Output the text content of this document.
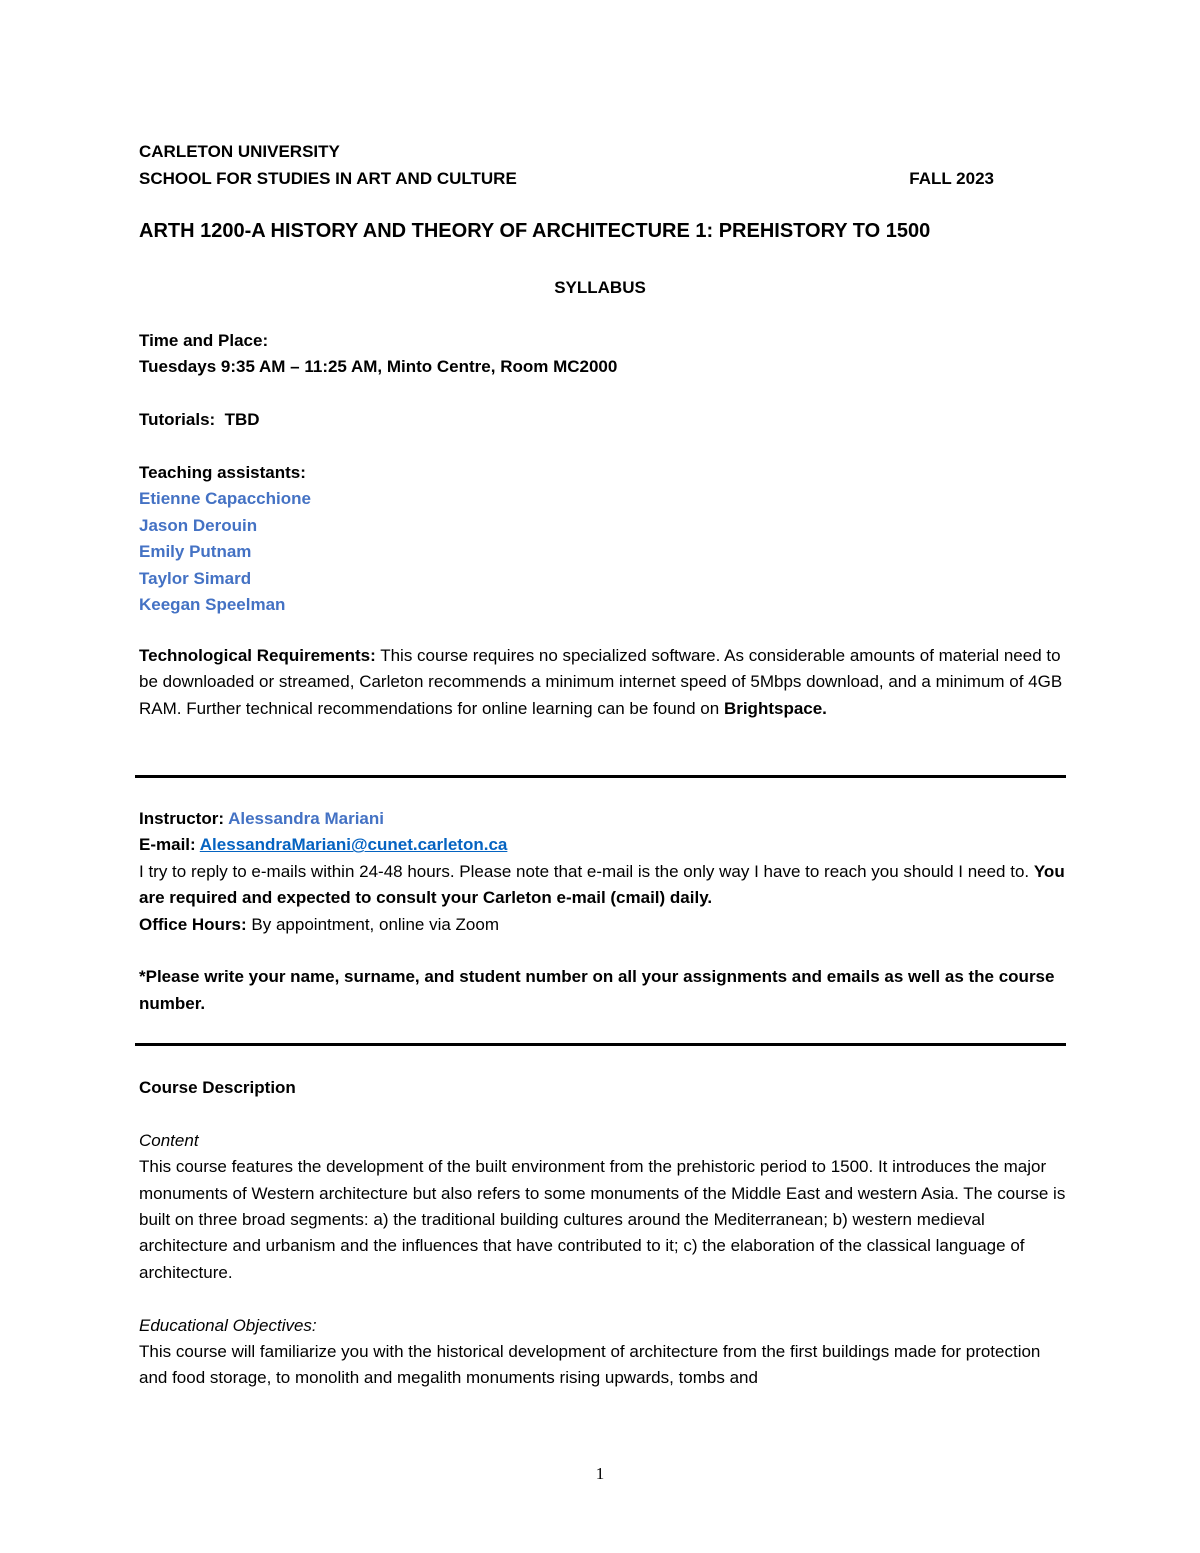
CARLETON UNIVERSITY
SCHOOL FOR STUDIES IN ART AND CULTURE	FALL 2023
ARTH 1200-A HISTORY AND THEORY OF ARCHITECTURE 1: PREHISTORY TO 1500
SYLLABUS

Time and Place:

Tuesdays 9:35 AM – 11:25 AM, Minto Centre, Room MC2000

Tutorials: TBD

Teaching assistants:

Etienne Capacchione

Jason Derouin

Emily Putnam

Taylor Simard

Keegan Speelman

Technological Requirements: This course requires no specialized software. As considerable amounts of material need to be downloaded or streamed, Carleton recommends a minimum internet speed of 5Mbps download, and a minimum of 4GB RAM. Further technical recommendations for online learning can be found on Brightspace.

Instructor: Alessandra Mariani

E-mail: AlessandraMariani@cunet.carleton.ca

I try to reply to e-mails within 24-48 hours. Please note that e-mail is the only way I have to reach you should I need to. You are required and expected to consult your Carleton e-mail (cmail) daily.

Office Hours: By appointment, online via Zoom

*Please write your name, surname, and student number on all your assignments and emails as well as the course number.

Course Description

Content

This course features the development of the built environment from the prehistoric period to 1500. It introduces the major monuments of Western architecture but also refers to some monuments of the Middle East and western Asia. The course is built on three broad segments: a) the traditional building cultures around the Mediterranean; b) western medieval architecture and urbanism and the influences that have contributed to it; c) the elaboration of the classical language of architecture.

Educational Objectives:

This course will familiarize you with the historical development of architecture from the first buildings made for protection and food storage, to monolith and megalith monuments rising upwards, tombs and

1
